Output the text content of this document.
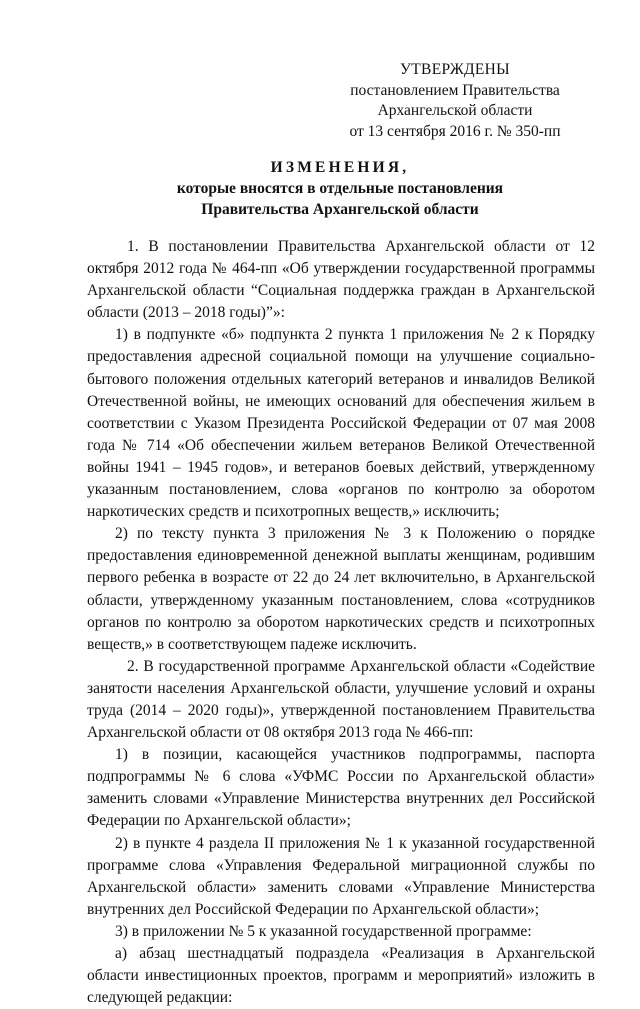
УТВЕРЖДЕНЫ
постановлением Правительства
Архангельской области
от 13 сентября 2016 г. № 350-пп
ИЗМЕНЕНИЯ,
которые вносятся в отдельные постановления
Правительства Архангельской области

1. В постановлении Правительства Архангельской области от 12 октября 2012 года № 464-пп «Об утверждении государственной программы Архангельской области “Социальная поддержка граждан в Архангельской области (2013 – 2018 годы)”»:

1) в подпункте «б» подпункта 2 пункта 1 приложения № 2 к Порядку предоставления адресной социальной помощи на улучшение социально-бытового положения отдельных категорий ветеранов и инвалидов Великой Отечественной войны, не имеющих оснований для обеспечения жильем в соответствии с Указом Президента Российской Федерации от 07 мая 2008 года № 714 «Об обеспечении жильем ветеранов Великой Отечественной войны 1941 – 1945 годов», и ветеранов боевых действий, утвержденному указанным постановлением, слова «органов по контролю за оборотом наркотических средств и психотропных веществ,» исключить;

2) по тексту пункта 3 приложения № 3 к Положению о порядке предоставления единовременной денежной выплаты женщинам, родившим первого ребенка в возрасте от 22 до 24 лет включительно, в Архангельской области, утвержденному указанным постановлением, слова «сотрудников органов по контролю за оборотом наркотических средств и психотропных веществ,» в соответствующем падеже исключить.

2. В государственной программе Архангельской области «Содействие занятости населения Архангельской области, улучшение условий и охраны труда (2014 – 2020 годы)», утвержденной постановлением Правительства Архангельской области от 08 октября 2013 года № 466-пп:

1) в позиции, касающейся участников подпрограммы, паспорта подпрограммы № 6 слова «УФМС России по Архангельской области» заменить словами «Управление Министерства внутренних дел Российской Федерации по Архангельской области»;

2) в пункте 4 раздела II приложения № 1 к указанной государственной программе слова «Управления Федеральной миграционной службы по Архангельской области» заменить словами «Управление Министерства внутренних дел Российской Федерации по Архангельской области»;

3) в приложении № 5 к указанной государственной программе:

а) абзац шестнадцатый подраздела «Реализация в Архангельской области инвестиционных проектов, программ и мероприятий» изложить в следующей редакции:
